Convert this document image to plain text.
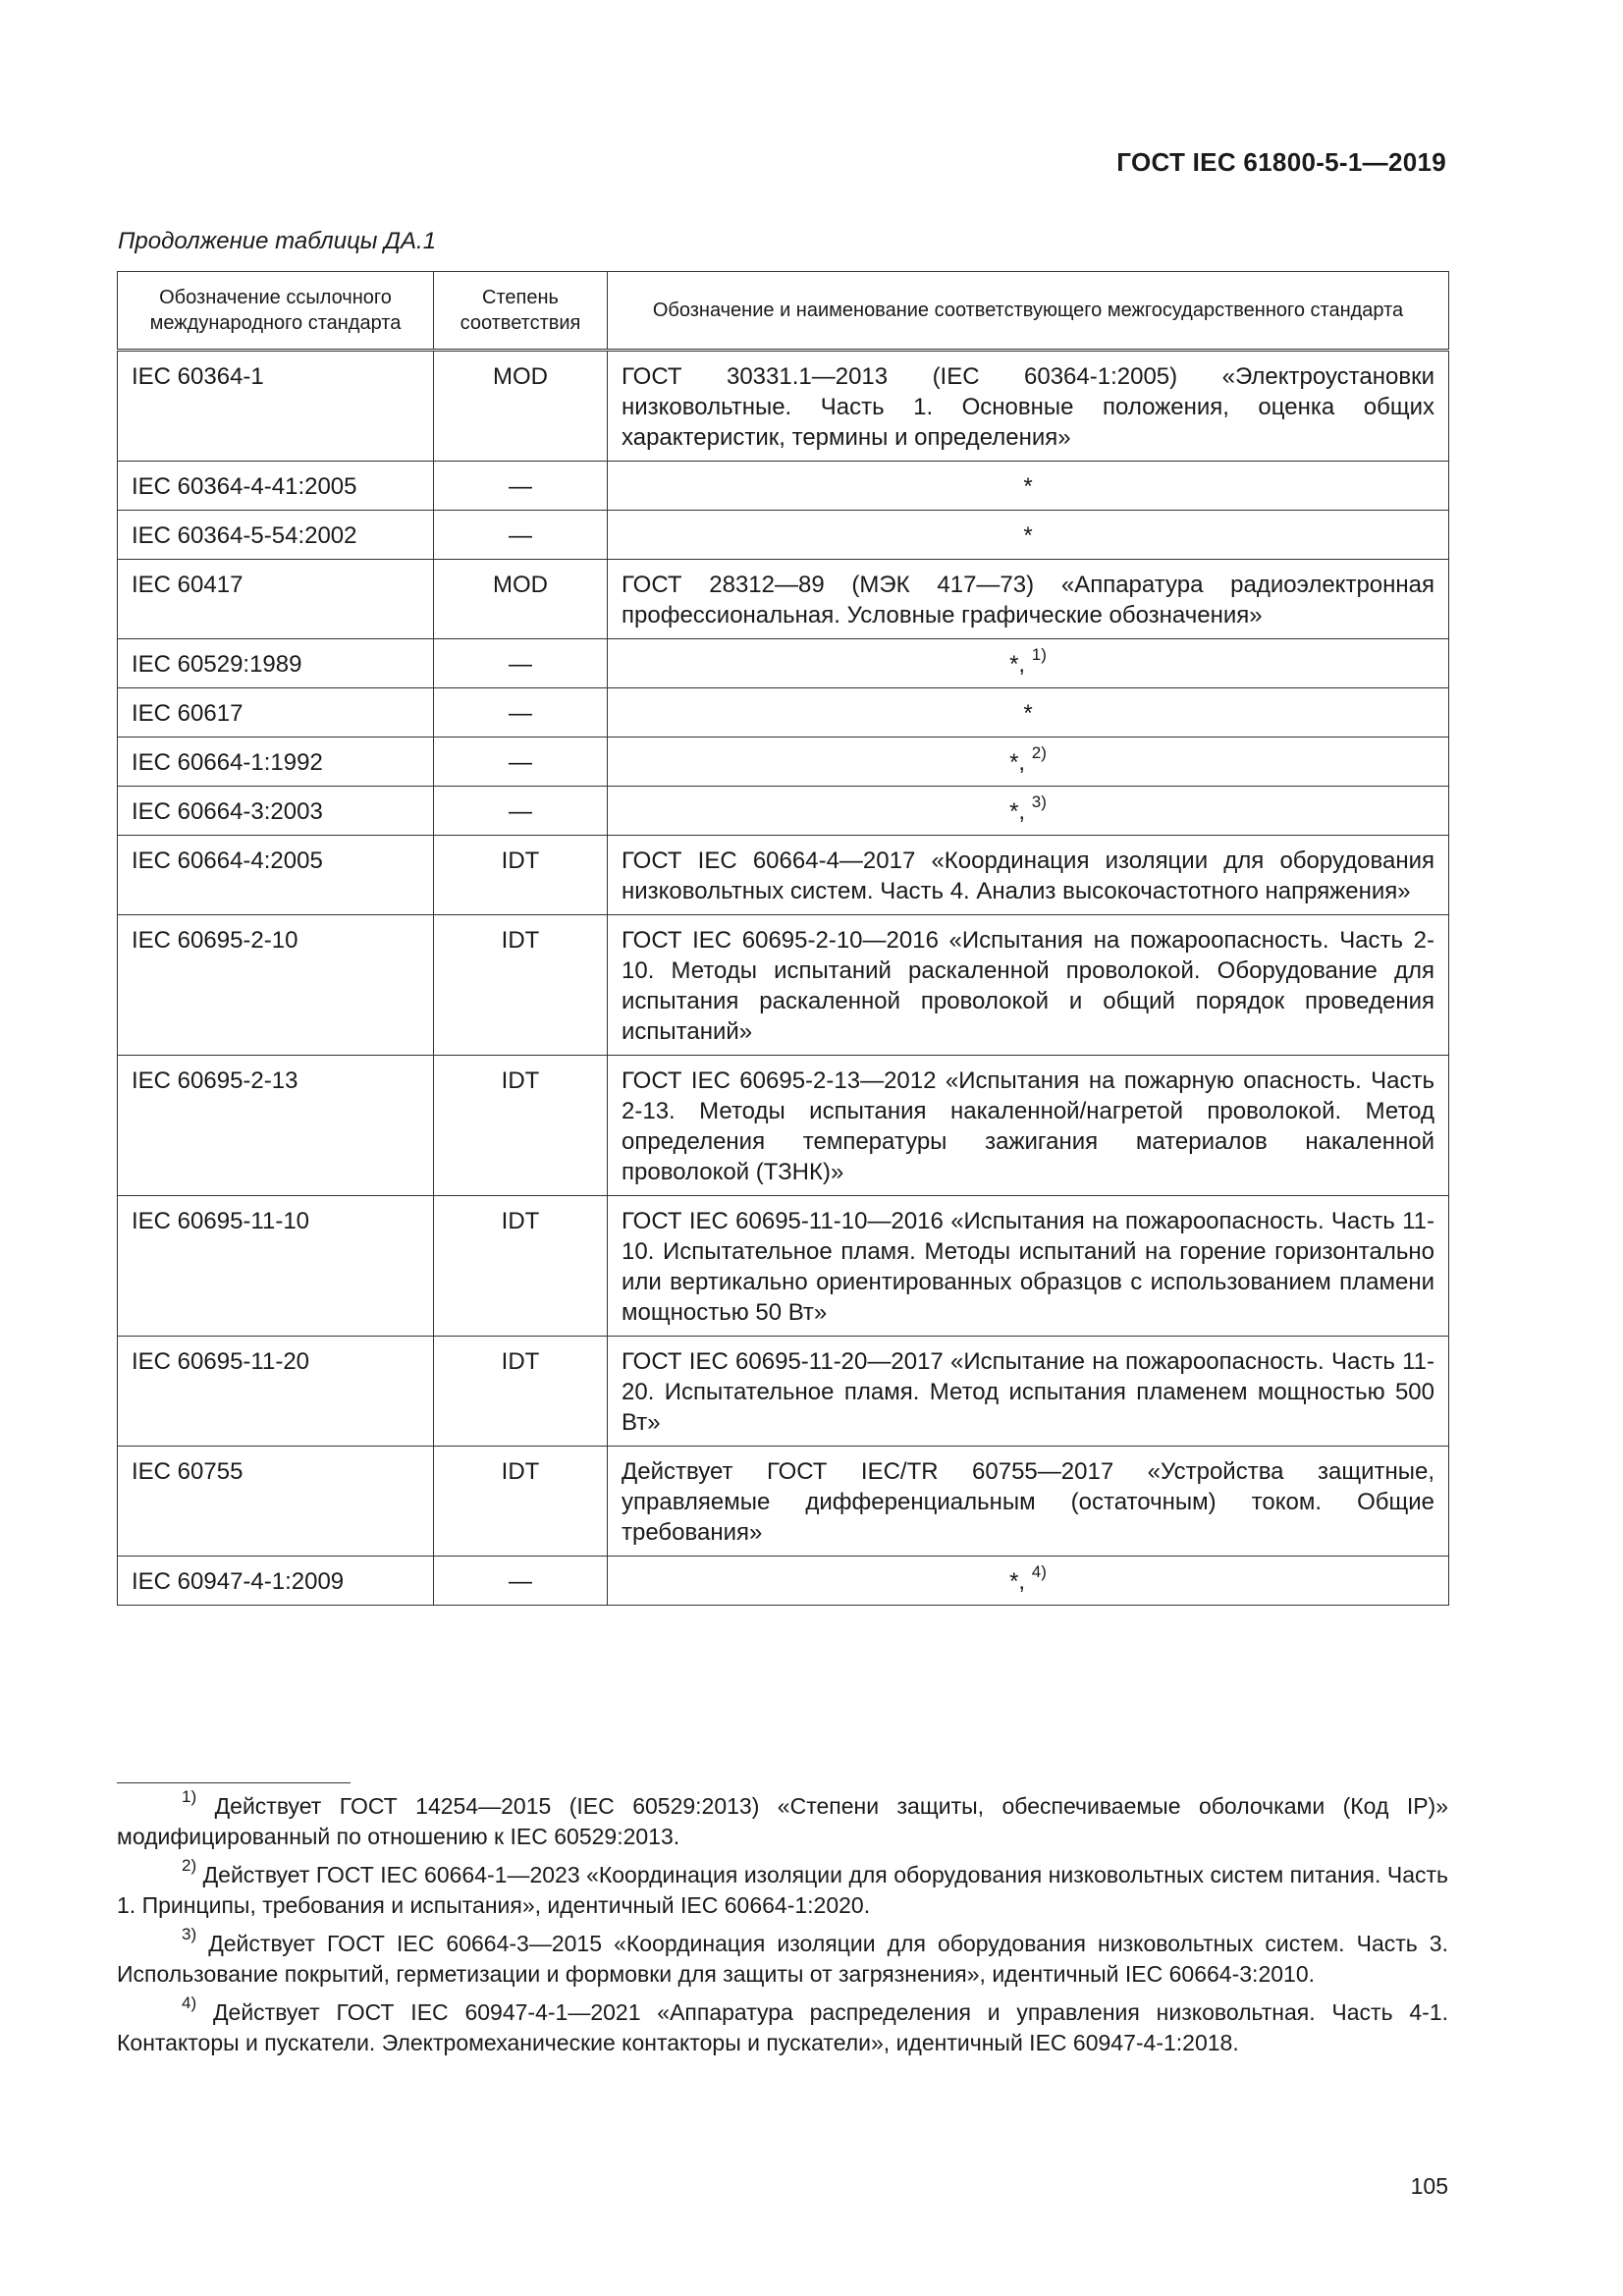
ГОСТ IEC 61800-5-1—2019
Продолжение таблицы ДА.1
Обозначение ссылочного международного стандарта	Степень соответствия	Обозначение и наименование соответствующего межгосударственного стандарта
IEC 60364-1	MOD	ГОСТ 30331.1—2013 (IEC 60364-1:2005) «Электроустановки низковольтные. Часть 1. Основные положения, оценка общих характеристик, термины и определения»
IEC 60364-4-41:2005	—	*
IEC 60364-5-54:2002	—	*
IEC 60417	MOD	ГОСТ 28312—89 (МЭК 417—73) «Аппаратура радиоэлектронная профессиональная. Условные графические обозначения»
IEC 60529:1989	—	*, $^{1)}$
IEC 60617	—	*
IEC 60664-1:1992	—	*, $^{2)}$
IEC 60664-3:2003	—	*, $^{3)}$
IEC 60664-4:2005	IDT	ГОСТ IEC 60664-4—2017 «Координация изоляции для оборудования низковольтных систем. Часть 4. Анализ высокочастотного напряжения»
IEC 60695-2-10	IDT	ГОСТ IEC 60695-2-10—2016 «Испытания на пожароопасность. Часть 2-10. Методы испытаний раскаленной проволокой. Оборудование для испытания раскаленной проволокой и общий порядок проведения испытаний»
IEC 60695-2-13	IDT	ГОСТ IEC 60695-2-13—2012 «Испытания на пожарную опасность. Часть 2-13. Методы испытания накаленной/нагретой проволокой. Метод определения температуры зажигания материалов накаленной проволокой (ТЗНК)»
IEC 60695-11-10	IDT	ГОСТ IEC 60695-11-10—2016 «Испытания на пожароопасность. Часть 11-10. Испытательное пламя. Методы испытаний на горение горизонтально или вертикально ориентированных образцов с использованием пламени мощностью 50 Вт»
IEC 60695-11-20	IDT	ГОСТ IEC 60695-11-20—2017 «Испытание на пожароопасность. Часть 11-20. Испытательное пламя. Метод испытания пламенем мощностью 500 Вт»
IEC 60755	IDT	Действует ГОСТ IEC/TR 60755—2017 «Устройства защитные, управляемые дифференциальным (остаточным) током. Общие требования»
IEC 60947-4-1:2009	—	*, $^{4)}$

$^{1)}$ Действует ГОСТ 14254—2015 (IEC 60529:2013) «Степени защиты, обеспечиваемые оболочками (Код IP)» модифицированный по отношению к IEC 60529:2013.

$^{2)}$ Действует ГОСТ IEC 60664-1—2023 «Координация изоляции для оборудования низковольтных систем питания. Часть 1. Принципы, требования и испытания», идентичный IEC 60664-1:2020.

$^{3)}$ Действует ГОСТ IEC 60664-3—2015 «Координация изоляции для оборудования низковольтных систем. Часть 3. Использование покрытий, герметизации и формовки для защиты от загрязнения», идентичный IEC 60664-3:2010.

$^{4)}$ Действует ГОСТ IEC 60947-4-1—2021 «Аппаратура распределения и управления низковольтная. Часть 4-1. Контакторы и пускатели. Электромеханические контакторы и пускатели», идентичный IEC 60947-4-1:2018.

105
